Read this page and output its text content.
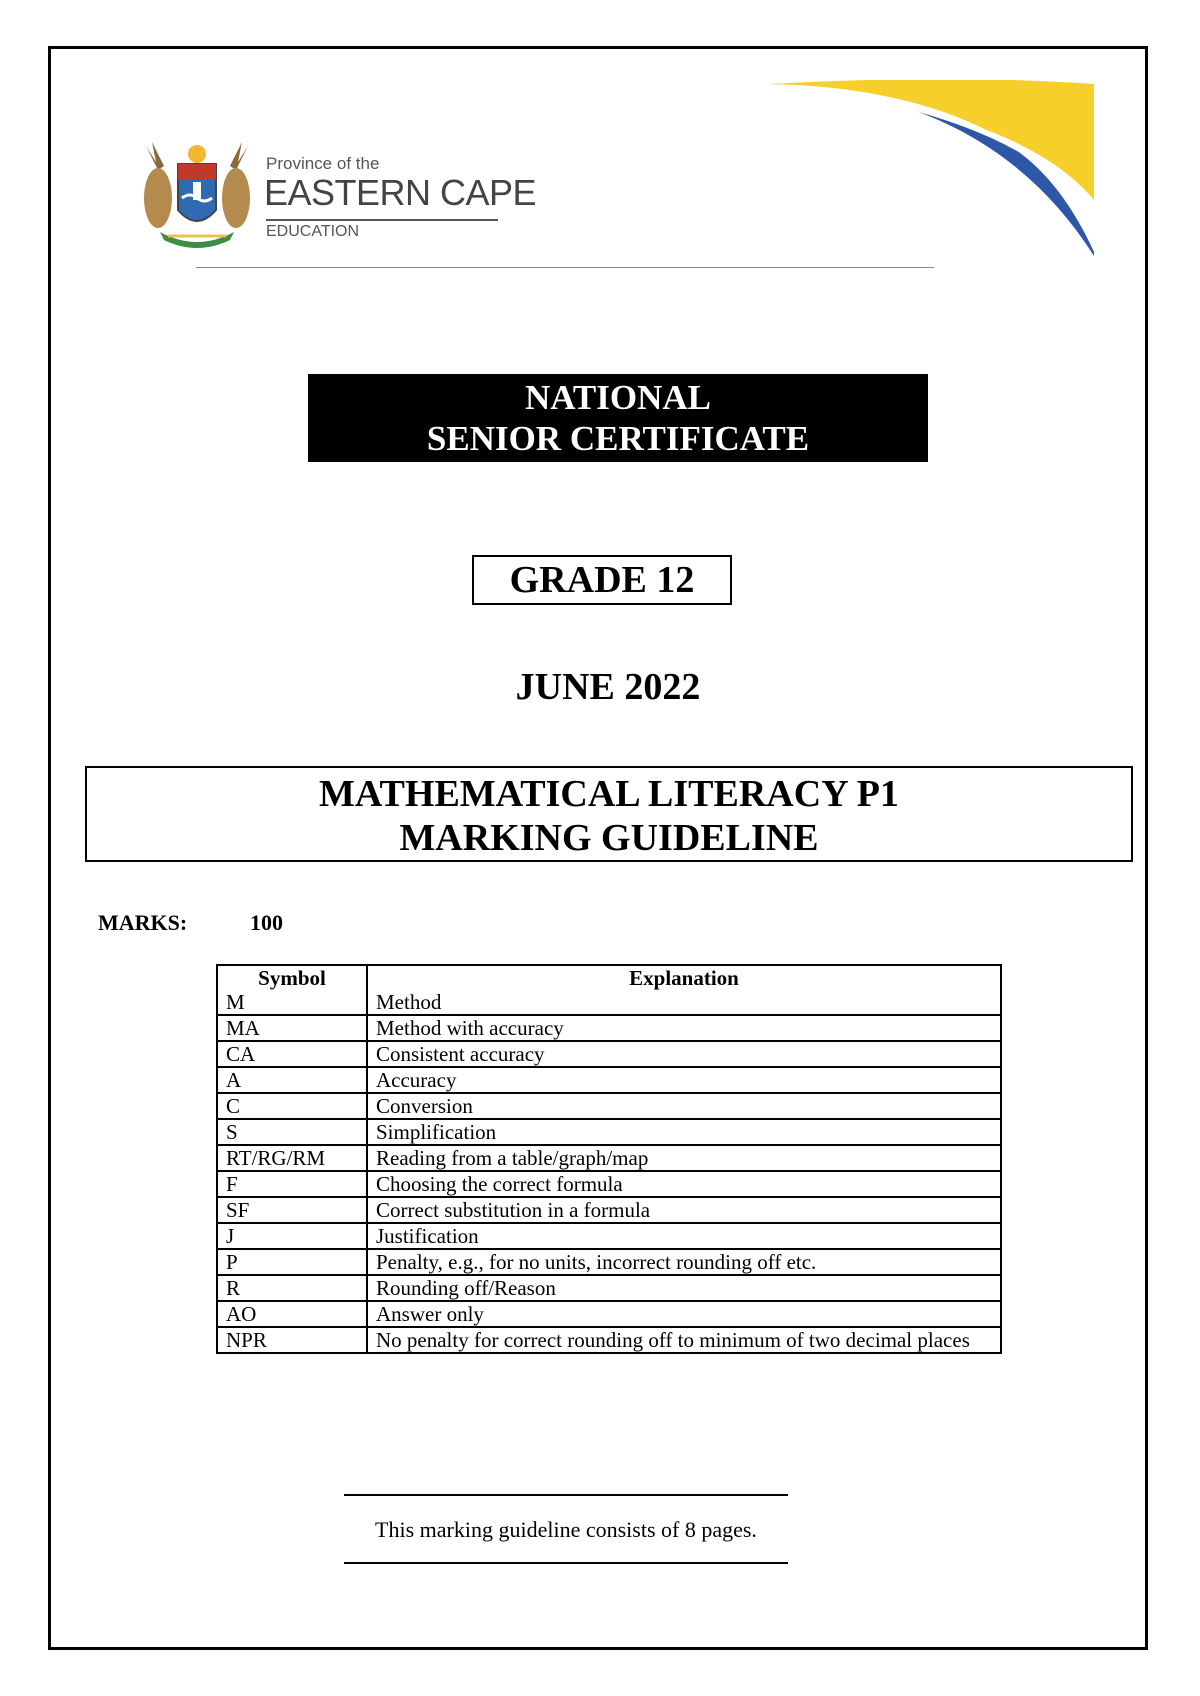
Province of the
EASTERN CAPE
EDUCATION
NATIONAL
SENIOR CERTIFICATE
GRADE 12
JUNE 2022
MATHEMATICAL LITERACY P1
MARKING GUIDELINE
MARKS:	100
Symbol	Explanation
M	Method
MA	Method with accuracy
CA	Consistent accuracy
A	Accuracy
C	Conversion
S	Simplification
RT/RG/RM	Reading from a table/graph/map
F	Choosing the correct formula
SF	Correct substitution in a formula
J	Justification
P	Penalty, e.g., for no units, incorrect rounding off etc.
R	Rounding off/Reason
AO	Answer only
NPR	No penalty for correct rounding off to minimum of two decimal places
This marking guideline consists of 8 pages.
